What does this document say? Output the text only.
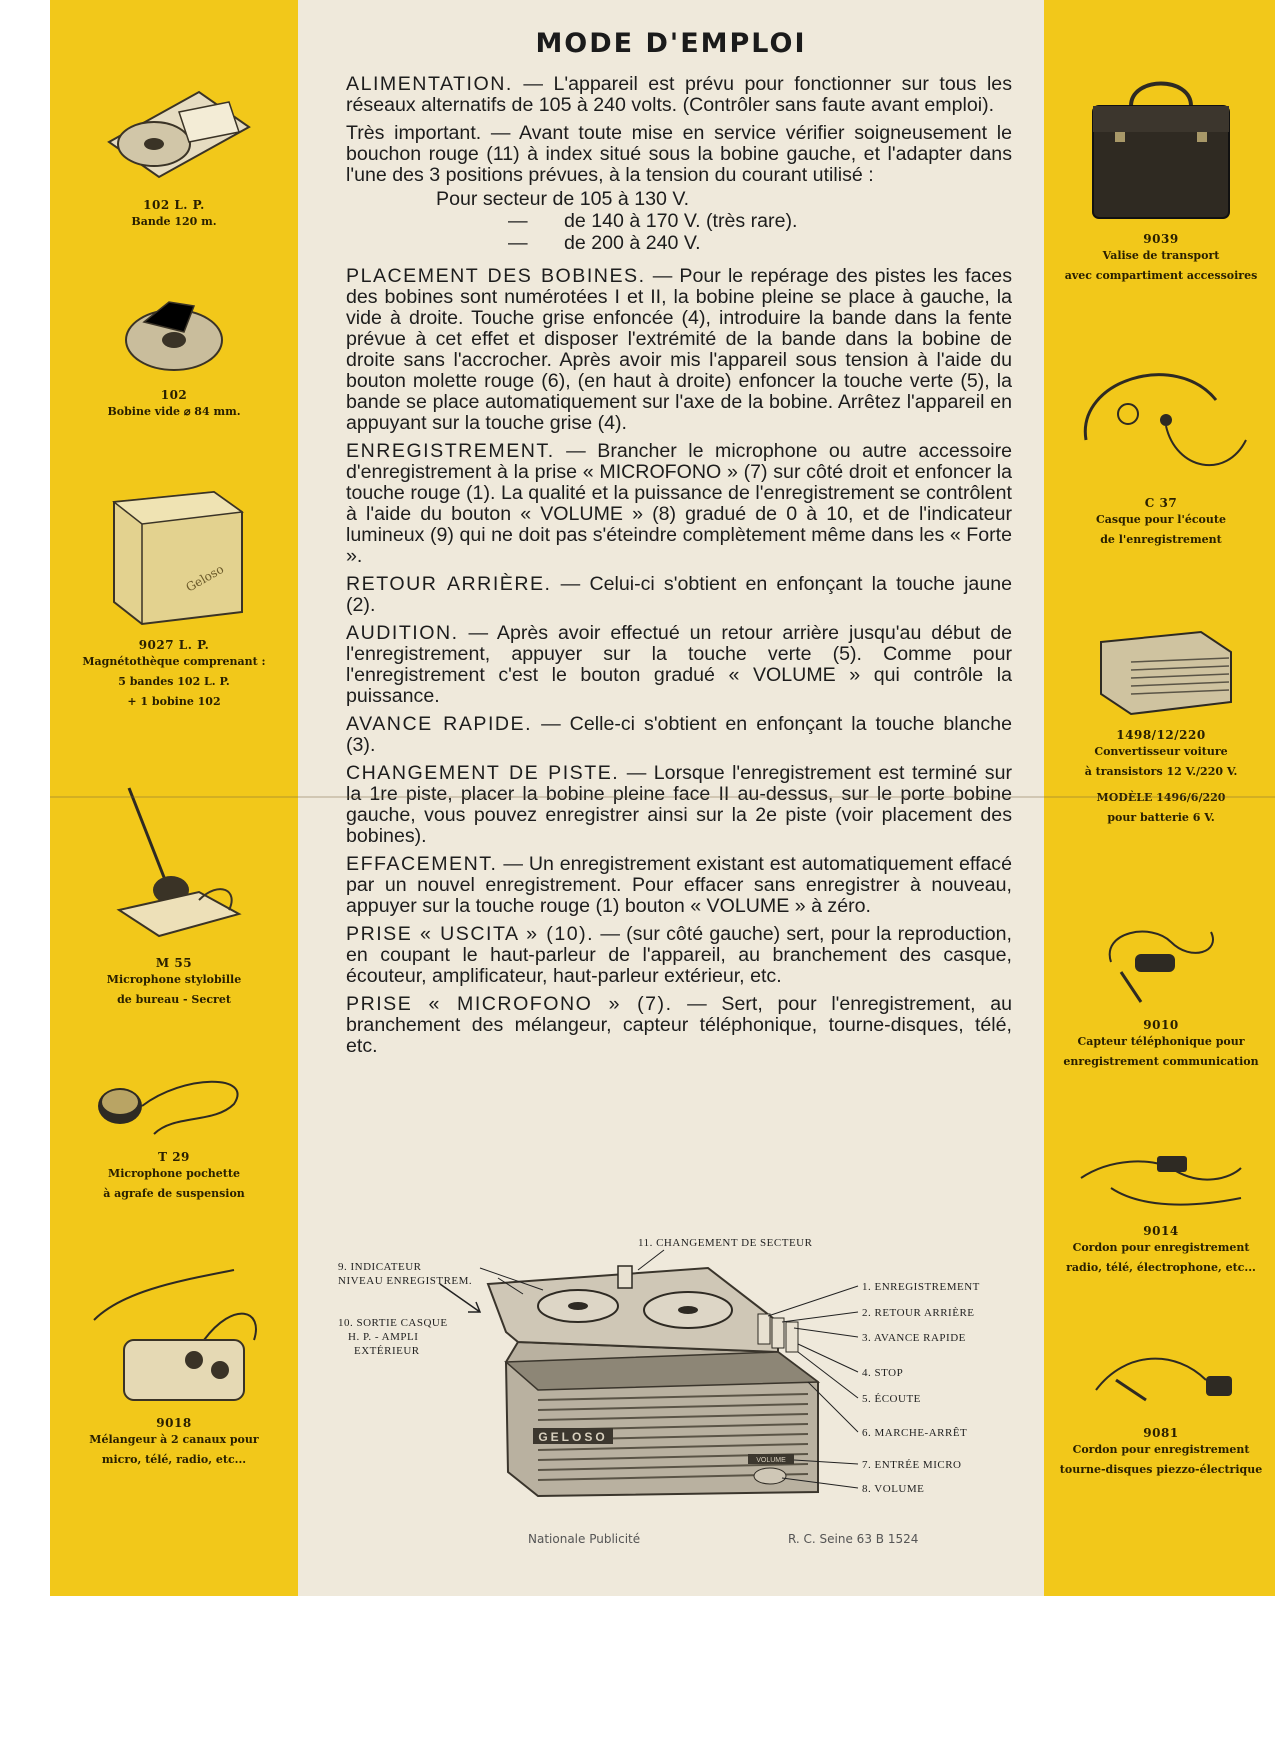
MODE D'EMPLOI

ALIMENTATION. — L'appareil est prévu pour fonctionner sur tous les réseaux alternatifs de 105 à 240 volts. (Contrôler sans faute avant emploi).

Très important. — Avant toute mise en service vérifier soigneusement le bouchon rouge (11) à index situé sous la bobine gauche, et l'adapter dans l'une des 3 positions prévues, à la tension du courant utilisé :

Pour secteur de 105 à 130 V.
— de 140 à 170 V. (très rare).
— de 200 à 240 V.

PLACEMENT DES BOBINES. — Pour le repérage des pistes les faces des bobines sont numérotées I et II, la bobine pleine se place à gauche, la vide à droite. Touche grise enfoncée (4), introduire la bande dans la fente prévue à cet effet et disposer l'extrémité de la bande dans la bobine de droite sans l'accrocher. Après avoir mis l'appareil sous tension à l'aide du bouton molette rouge (6), (en haut à droite) enfoncer la touche verte (5), la bande se place automatiquement sur l'axe de la bobine. Arrêtez l'appareil en appuyant sur la touche grise (4).

ENREGISTREMENT. — Brancher le microphone ou autre accessoire d'enregistrement à la prise « MICROFONO » (7) sur côté droit et enfoncer la touche rouge (1). La qualité et la puissance de l'enregistrement se contrôlent à l'aide du bouton « VOLUME » (8) gradué de 0 à 10, et de l'indicateur lumineux (9) qui ne doit pas s'éteindre complètement même dans les « Forte ».

RETOUR ARRIÈRE. — Celui-ci s'obtient en enfonçant la touche jaune (2).

AUDITION. — Après avoir effectué un retour arrière jusqu'au début de l'enregistrement, appuyer sur la touche verte (5). Comme pour l'enregistrement c'est le bouton gradué « VOLUME » qui contrôle la puissance.

AVANCE RAPIDE. — Celle-ci s'obtient en enfonçant la touche blanche (3).

CHANGEMENT DE PISTE. — Lorsque l'enregistrement est terminé sur la 1re piste, placer la bobine pleine face II au-dessus, sur le porte bobine gauche, vous pouvez enregistrer ainsi sur la 2e piste (voir placement des bobines).

EFFACEMENT. — Un enregistrement existant est automatiquement effacé par un nouvel enregistrement. Pour effacer sans enregistrer à nouveau, appuyer sur la touche rouge (1) bouton « VOLUME » à zéro.

PRISE « USCITA » (10). — (sur côté gauche) sert, pour la reproduction, en coupant le haut-parleur de l'appareil, au branchement des casque, écouteur, amplificateur, haut-parleur extérieur, etc.

PRISE « MICROFONO » (7). — Sert, pour l'enregistrement, au branchement des mélangeur, capteur téléphonique, tourne-disques, télé, etc.

GELOSO
VOLUME
11. CHANGEMENT DE SECTEUR
9. INDICATEUR
NIVEAU ENREGISTREM.
10. SORTIE CASQUE
H. P. - AMPLI
EXTÉRIEUR
1. ENREGISTREMENT
2. RETOUR ARRIÈRE
3. AVANCE RAPIDE
4. STOP
5. ÉCOUTE
6. MARCHE-ARRÊT
7. ENTRÉE MICRO
8. VOLUME
Nationale Publicité	R. C. Seine 63 B 1524
102 L. P.
Bande 120 m.
102
Bobine vide ⌀ 84 mm.
Geloso
9027 L. P.
Magnétothèque comprenant :
5 bandes 102 L. P.
+ 1 bobine 102
M 55
Microphone stylobille
de bureau - Secret
T 29
Microphone pochette
à agrafe de suspension
9018
Mélangeur à 2 canaux pour
micro, télé, radio, etc...
9039
Valise de transport
avec compartiment accessoires
C 37
Casque pour l'écoute
de l'enregistrement
1498/12/220
Convertisseur voiture
à transistors 12 V./220 V.
MODÈLE 1496/6/220
pour batterie 6 V.
9010
Capteur téléphonique pour
enregistrement communication
9014
Cordon pour enregistrement
radio, télé, électrophone, etc...
9081
Cordon pour enregistrement
tourne-disques piezzo-électrique
